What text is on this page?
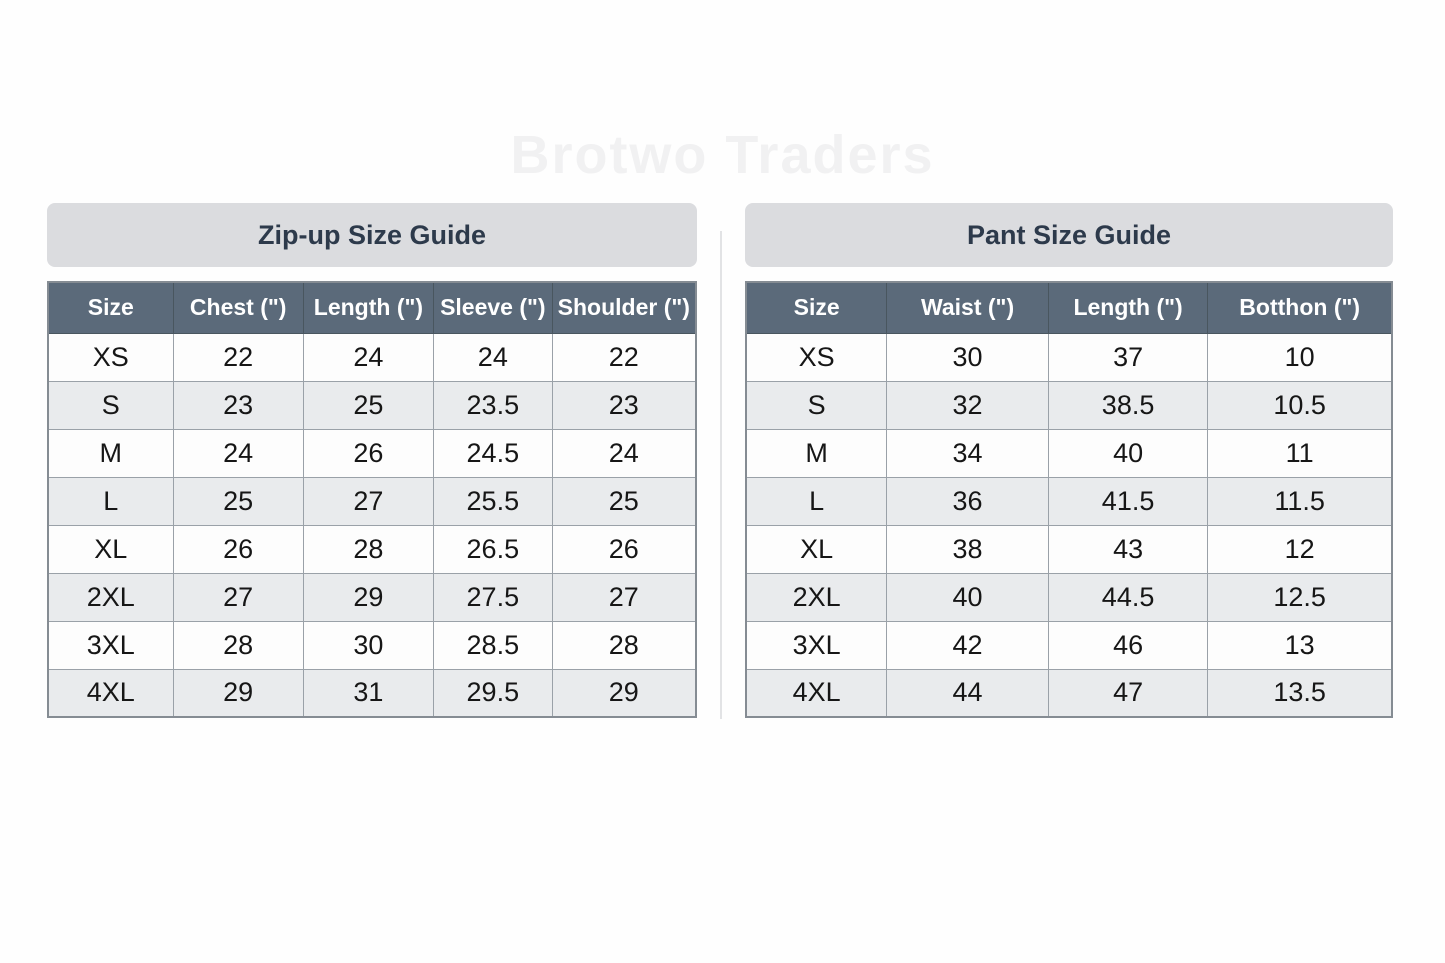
Brotwo Traders
Zip-up Size Guide
Size	Chest (")	Length (")	Sleeve (")	Shoulder (")
XS	22	24	24	22
S	23	25	23.5	23
M	24	26	24.5	24
L	25	27	25.5	25
XL	26	28	26.5	26
2XL	27	29	27.5	27
3XL	28	30	28.5	28
4XL	29	31	29.5	29
Pant Size Guide
Size	Waist (")	Length (")	Botthon (")
XS	30	37	10
S	32	38.5	10.5
M	34	40	11
L	36	41.5	11.5
XL	38	43	12
2XL	40	44.5	12.5
3XL	42	46	13
4XL	44	47	13.5
